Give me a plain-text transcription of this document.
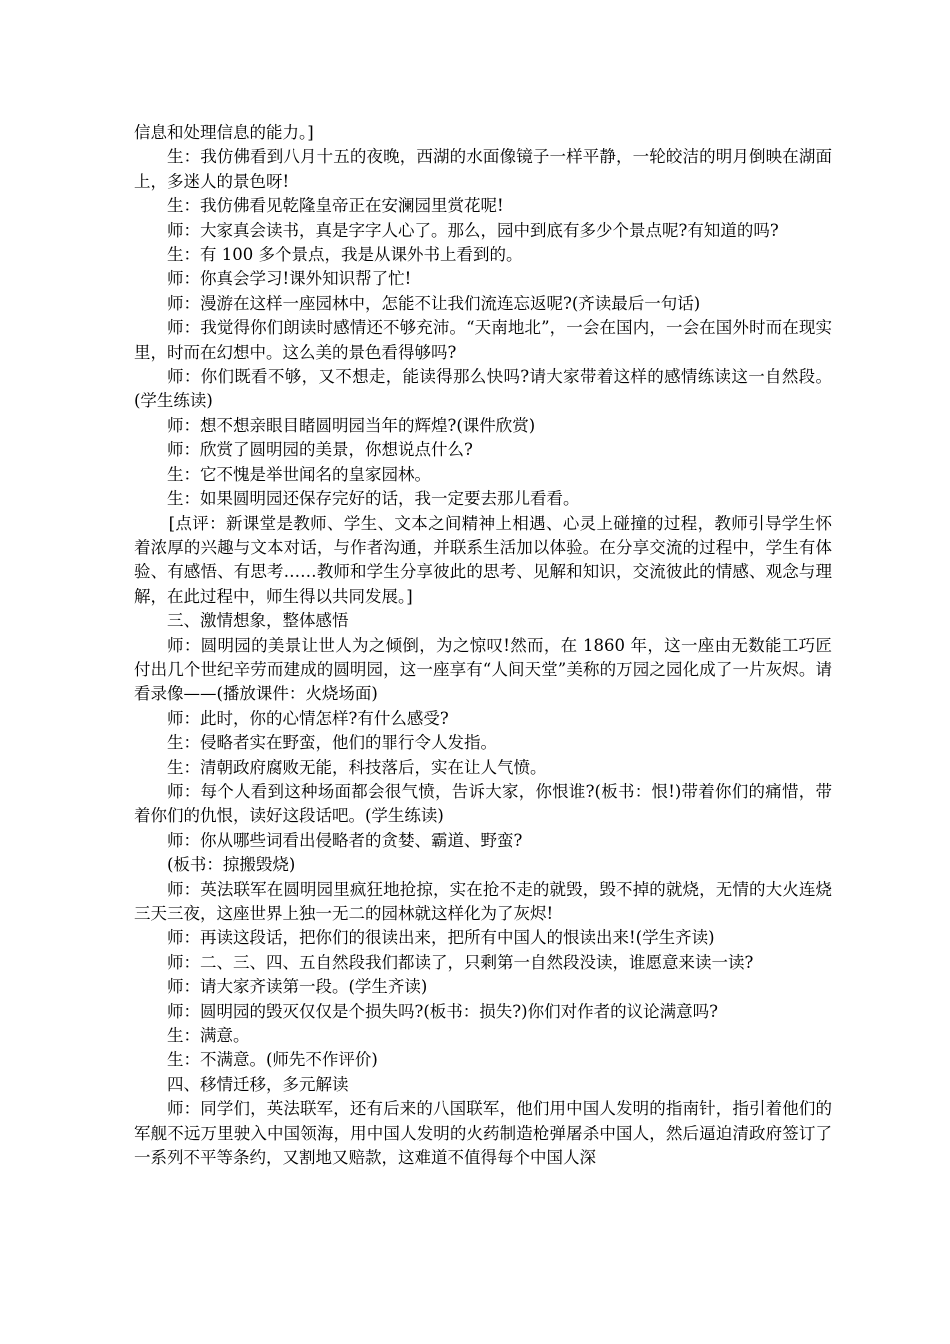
信息和处理信息的能力。]

生：我仿佛看到八月十五的夜晚，西湖的水面像镜子一样平静，一轮皎洁的明月倒映在湖面上，多迷人的景色呀!

生：我仿佛看见乾隆皇帝正在安澜园里赏花呢!

师：大家真会读书，真是字字人心了。那么，园中到底有多少个景点呢?有知道的吗?

生：有 100 多个景点，我是从课外书上看到的。

师：你真会学习!课外知识帮了忙!

师：漫游在这样一座园林中，怎能不让我们流连忘返呢?(齐读最后一句话)

师：我觉得你们朗读时感情还不够充沛。“天南地北”，一会在国内，一会在国外时而在现实里，时而在幻想中。这么美的景色看得够吗?

师：你们既看不够，又不想走，能读得那么快吗?请大家带着这样的感情练读这一自然段。(学生练读)

师：想不想亲眼目睹圆明园当年的辉煌?(课件欣赏)

师：欣赏了圆明园的美景，你想说点什么?

生：它不愧是举世闻名的皇家园林。

生：如果圆明园还保存完好的话，我一定要去那儿看看。

[点评：新课堂是教师、学生、文本之间精神上相遇、心灵上碰撞的过程，教师引导学生怀着浓厚的兴趣与文本对话，与作者沟通，并联系生活加以体验。在分享交流的过程中，学生有体验、有感悟、有思考……教师和学生分享彼此的思考、见解和知识，交流彼此的情感、观念与理解，在此过程中，师生得以共同发展。]

三、激情想象，整体感悟

师：圆明园的美景让世人为之倾倒，为之惊叹!然而，在 1860 年，这一座由无数能工巧匠付出几个世纪辛劳而建成的圆明园，这一座享有“人间天堂”美称的万园之园化成了一片灰烬。请看录像——(播放课件：火烧场面)

师：此时，你的心情怎样?有什么感受?

生：侵略者实在野蛮，他们的罪行令人发指。

生：清朝政府腐败无能，科技落后，实在让人气愤。

师：每个人看到这种场面都会很气愤，告诉大家，你恨谁?(板书：恨!)带着你们的痛惜，带着你们的仇恨，读好这段话吧。(学生练读)

师：你从哪些词看出侵略者的贪婪、霸道、野蛮?

(板书：掠搬毁烧)

师：英法联军在圆明园里疯狂地抢掠，实在抢不走的就毁，毁不掉的就烧，无情的大火连烧三天三夜，这座世界上独一无二的园林就这样化为了灰烬!

师：再读这段话，把你们的很读出来，把所有中国人的恨读出来!(学生齐读)

师：二、三、四、五自然段我们都读了，只剩第一自然段没读，谁愿意来读一读?

师：请大家齐读第一段。(学生齐读)

师：圆明园的毁灭仅仅是个损失吗?(板书：损失?)你们对作者的议论满意吗?

生：满意。

生：不满意。(师先不作评价)

四、移情迁移，多元解读

师：同学们，英法联军，还有后来的八国联军，他们用中国人发明的指南针，指引着他们的军舰不远万里驶入中国领海，用中国人发明的火药制造枪弹屠杀中国人，然后逼迫清政府签订了一系列不平等条约，又割地又赔款，这难道不值得每个中国人深
